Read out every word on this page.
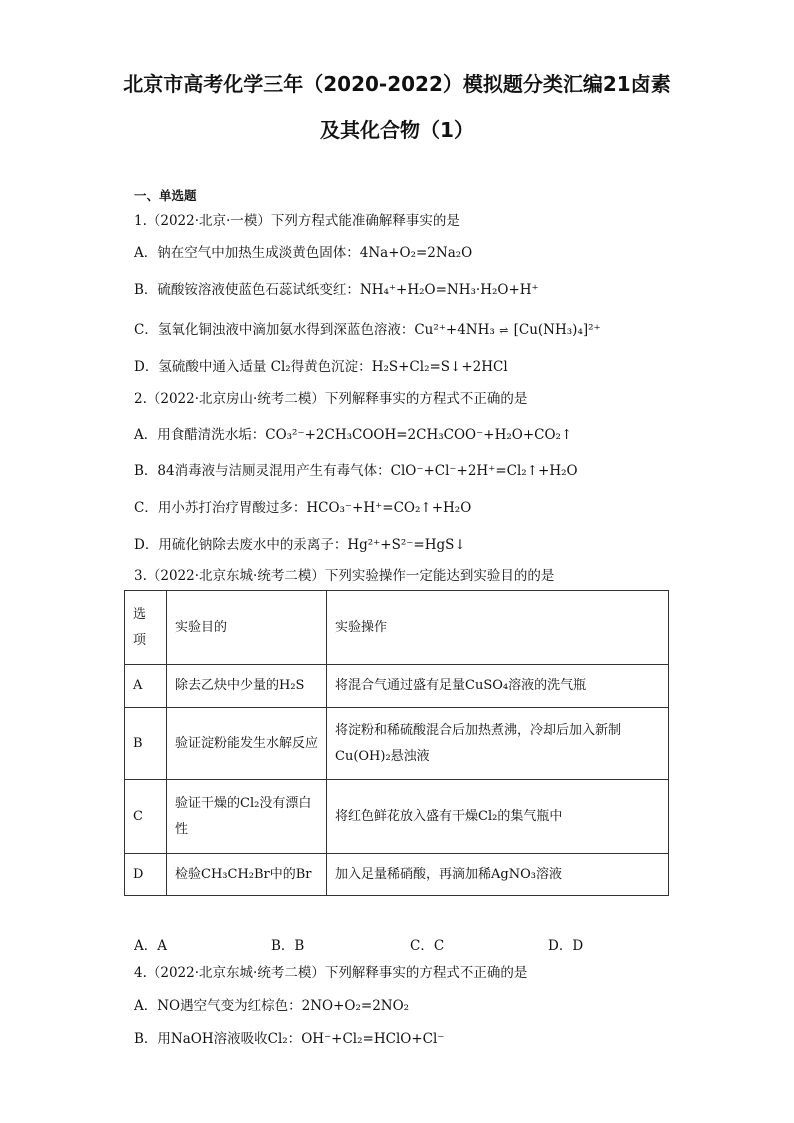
北京市高考化学三年（2020-2022）模拟题分类汇编21卤素
及其化合物（1）
一、单选题
1.（2022·北京·一模）下列方程式能准确解释事实的是
A．钠在空气中加热生成淡黄色固体：4Na+O₂=2Na₂O
B．硫酸铵溶液使蓝色石蕊试纸变红：NH₄⁺+H₂O=NH₃·H₂O+H⁺
C．氢氧化铜浊液中滴加氨水得到深蓝色溶液：Cu²⁺+4NH₃ ⇌ [Cu(NH₃)₄]²⁺
D．氢硫酸中通入适量 Cl₂得黄色沉淀：H₂S+Cl₂=S↓+2HCl
2.（2022·北京房山·统考二模）下列解释事实的方程式不正确的是
A．用食醋清洗水垢：CO₃²⁻+2CH₃COOH=2CH₃COO⁻+H₂O+CO₂↑
B．84消毒液与洁厕灵混用产生有毒气体：ClO⁻+Cl⁻+2H⁺=Cl₂↑+H₂O
C．用小苏打治疗胃酸过多：HCO₃⁻+H⁺=CO₂↑+H₂O
D．用硫化钠除去废水中的汞离子：Hg²⁺+S²⁻=HgS↓
3.（2022·北京东城·统考二模）下列实验操作一定能达到实验目的的是
选项	实验目的	实验操作
A	除去乙炔中少量的H₂S	将混合气通过盛有足量CuSO₄溶液的洗气瓶
B	验证淀粉能发生水解反应	将淀粉和稀硫酸混合后加热煮沸，冷却后加入新制Cu(OH)₂悬浊液
C	验证干燥的Cl₂没有漂白性	将红色鲜花放入盛有干燥Cl₂的集气瓶中
D	检验CH₃CH₂Br中的Br	加入足量稀硝酸，再滴加稀AgNO₃溶液
A．A	B．B	C．C	D．D
4.（2022·北京东城·统考二模）下列解释事实的方程式不正确的是
A．NO遇空气变为红棕色：2NO+O₂=2NO₂
B．用NaOH溶液吸收Cl₂：OH⁻+Cl₂=HClO+Cl⁻
